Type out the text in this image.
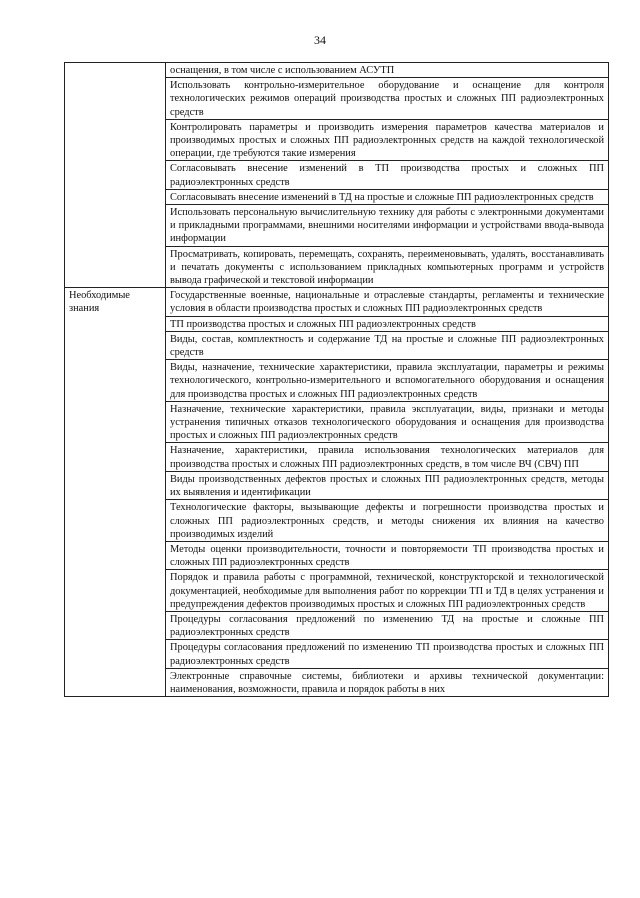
34
	оснащения, в том числе с использованием АСУТП
	Использовать контрольно-измерительное оборудование и оснащение для контроля технологических режимов операций производства простых и сложных ПП радиоэлектронных средств
	Контролировать параметры и производить измерения параметров качества материалов и производимых простых и сложных ПП радиоэлектронных средств на каждой технологической операции, где требуются такие измерения
	Согласовывать внесение изменений в ТП производства простых и сложных ПП радиоэлектронных средств
	Согласовывать внесение изменений в ТД на простые и сложные ПП радиоэлектронных средств
	Использовать персональную вычислительную технику для работы с электронными документами и прикладными программами, внешними носителями информации и устройствами ввода-вывода информации
	Просматривать, копировать, перемещать, сохранять, переименовывать, удалять, восстанавливать и печатать документы с использованием прикладных компьютерных программ и устройств вывода графической и текстовой информации

Необходимые знания	Государственные военные, национальные и отраслевые стандарты, регламенты и технические условия в области производства простых и сложных ПП радиоэлектронных средств
	ТП производства простых и сложных ПП радиоэлектронных средств
	Виды, состав, комплектность и содержание ТД на простые и сложные ПП радиоэлектронных средств
	Виды, назначение, технические характеристики, правила эксплуатации, параметры и режимы технологического, контрольно-измерительного и вспомогательного оборудования и оснащения для производства простых и сложных ПП радиоэлектронных средств
	Назначение, технические характеристики, правила эксплуатации, виды, признаки и методы устранения типичных отказов технологического оборудования и оснащения для производства простых и сложных ПП радиоэлектронных средств
	Назначение, характеристики, правила использования технологических материалов для производства простых и сложных ПП радиоэлектронных средств, в том числе ВЧ (СВЧ) ПП
	Виды производственных дефектов простых и сложных ПП радиоэлектронных средств, методы их выявления и идентификации
	Технологические факторы, вызывающие дефекты и погрешности производства простых и сложных ПП радиоэлектронных средств, и методы снижения их влияния на качество производимых изделий
	Методы оценки производительности, точности и повторяемости ТП производства простых и сложных ПП радиоэлектронных средств
	Порядок и правила работы с программной, технической, конструкторской и технологической документацией, необходимые для выполнения работ по коррекции ТП и ТД в целях устранения и предупреждения дефектов производимых простых и сложных ПП радиоэлектронных средств
	Процедуры согласования предложений по изменению ТД на простые и сложные ПП радиоэлектронных средств
	Процедуры согласования предложений по изменению ТП производства простых и сложных ПП радиоэлектронных средств
	Электронные справочные системы, библиотеки и архивы технической документации: наименования, возможности, правила и порядок работы в них
